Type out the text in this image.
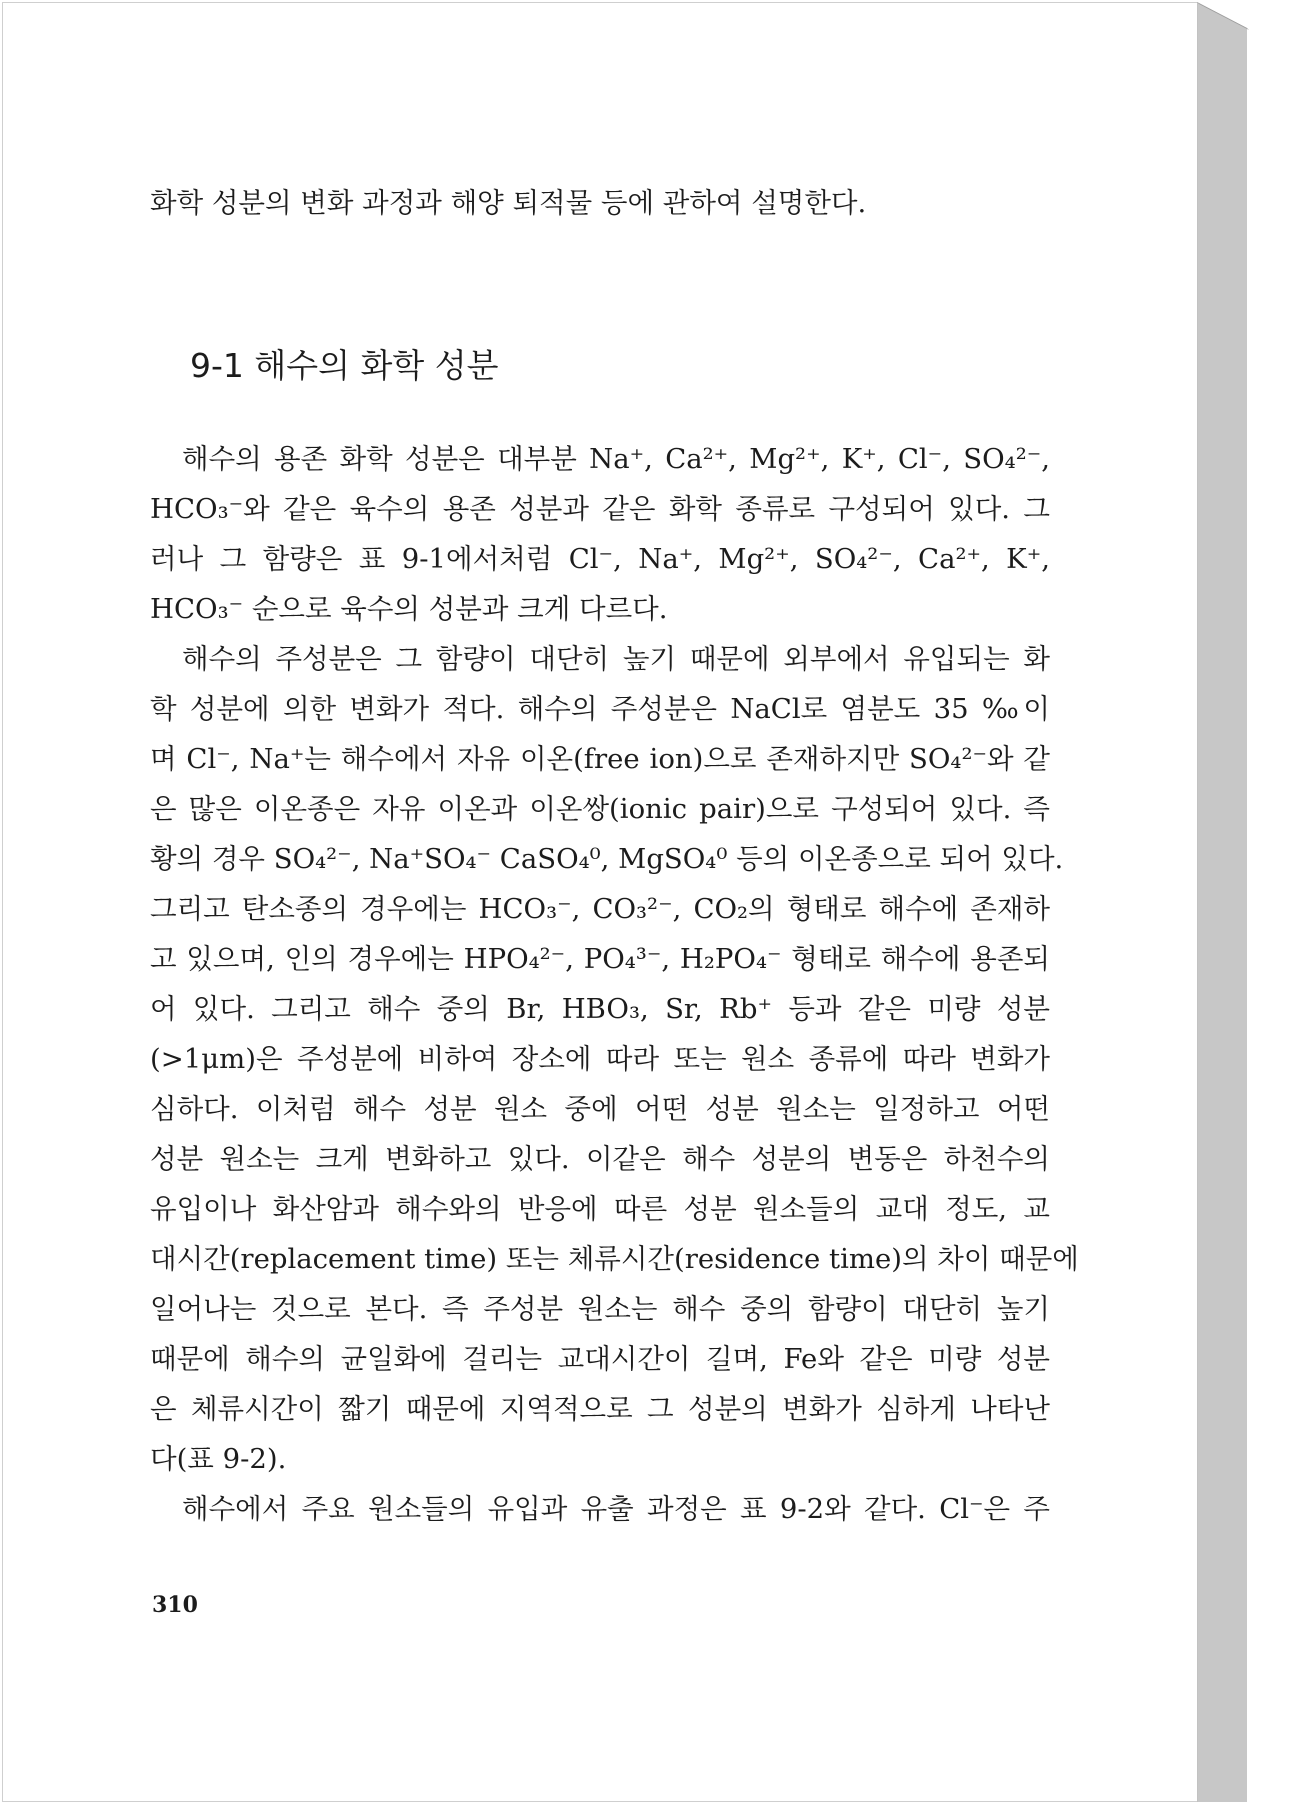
화학 성분의 변화 과정과 해양 퇴적물 등에 관하여 설명한다.
해수의 용존 화학 성분은 대부분 Na⁺, Ca²⁺, Mg²⁺, K⁺, Cl⁻, SO₄²⁻,
HCO₃⁻와 같은 육수의 용존 성분과 같은 화학 종류로 구성되어 있다. 그
러나 그 함량은 표 9-1에서처럼 Cl⁻, Na⁺, Mg²⁺, SO₄²⁻, Ca²⁺, K⁺,
HCO₃⁻ 순으로 육수의 성분과 크게 다르다.
해수의 주성분은 그 함량이 대단히 높기 때문에 외부에서 유입되는 화
학 성분에 의한 변화가 적다. 해수의 주성분은 NaCl로 염분도 35 ‰이
며 Cl⁻, Na⁺는 해수에서 자유 이온(free ion)으로 존재하지만 SO₄²⁻와 같
은 많은 이온종은 자유 이온과 이온쌍(ionic pair)으로 구성되어 있다. 즉
황의 경우 SO₄²⁻, Na⁺SO₄⁻ CaSO₄⁰, MgSO₄⁰ 등의 이온종으로 되어 있다.
그리고 탄소종의 경우에는 HCO₃⁻, CO₃²⁻, CO₂의 형태로 해수에 존재하
고 있으며, 인의 경우에는 HPO₄²⁻, PO₄³⁻, H₂PO₄⁻ 형태로 해수에 용존되
어 있다. 그리고 해수 중의 Br, HBO₃, Sr, Rb⁺ 등과 같은 미량 성분
(>1μm)은 주성분에 비하여 장소에 따라 또는 원소 종류에 따라 변화가
심하다. 이처럼 해수 성분 원소 중에 어떤 성분 원소는 일정하고 어떤
성분 원소는 크게 변화하고 있다. 이같은 해수 성분의 변동은 하천수의
유입이나 화산암과 해수와의 반응에 따른 성분 원소들의 교대 정도, 교
대시간(replacement time) 또는 체류시간(residence time)의 차이 때문에
일어나는 것으로 본다. 즉 주성분 원소는 해수 중의 함량이 대단히 높기
때문에 해수의 균일화에 걸리는 교대시간이 길며, Fe와 같은 미량 성분
은 체류시간이 짧기 때문에 지역적으로 그 성분의 변화가 심하게 나타난
다(표 9-2).
해수에서 주요 원소들의 유입과 유출 과정은 표 9-2와 같다. Cl⁻은 주
9-1 해수의 화학 성분
310
